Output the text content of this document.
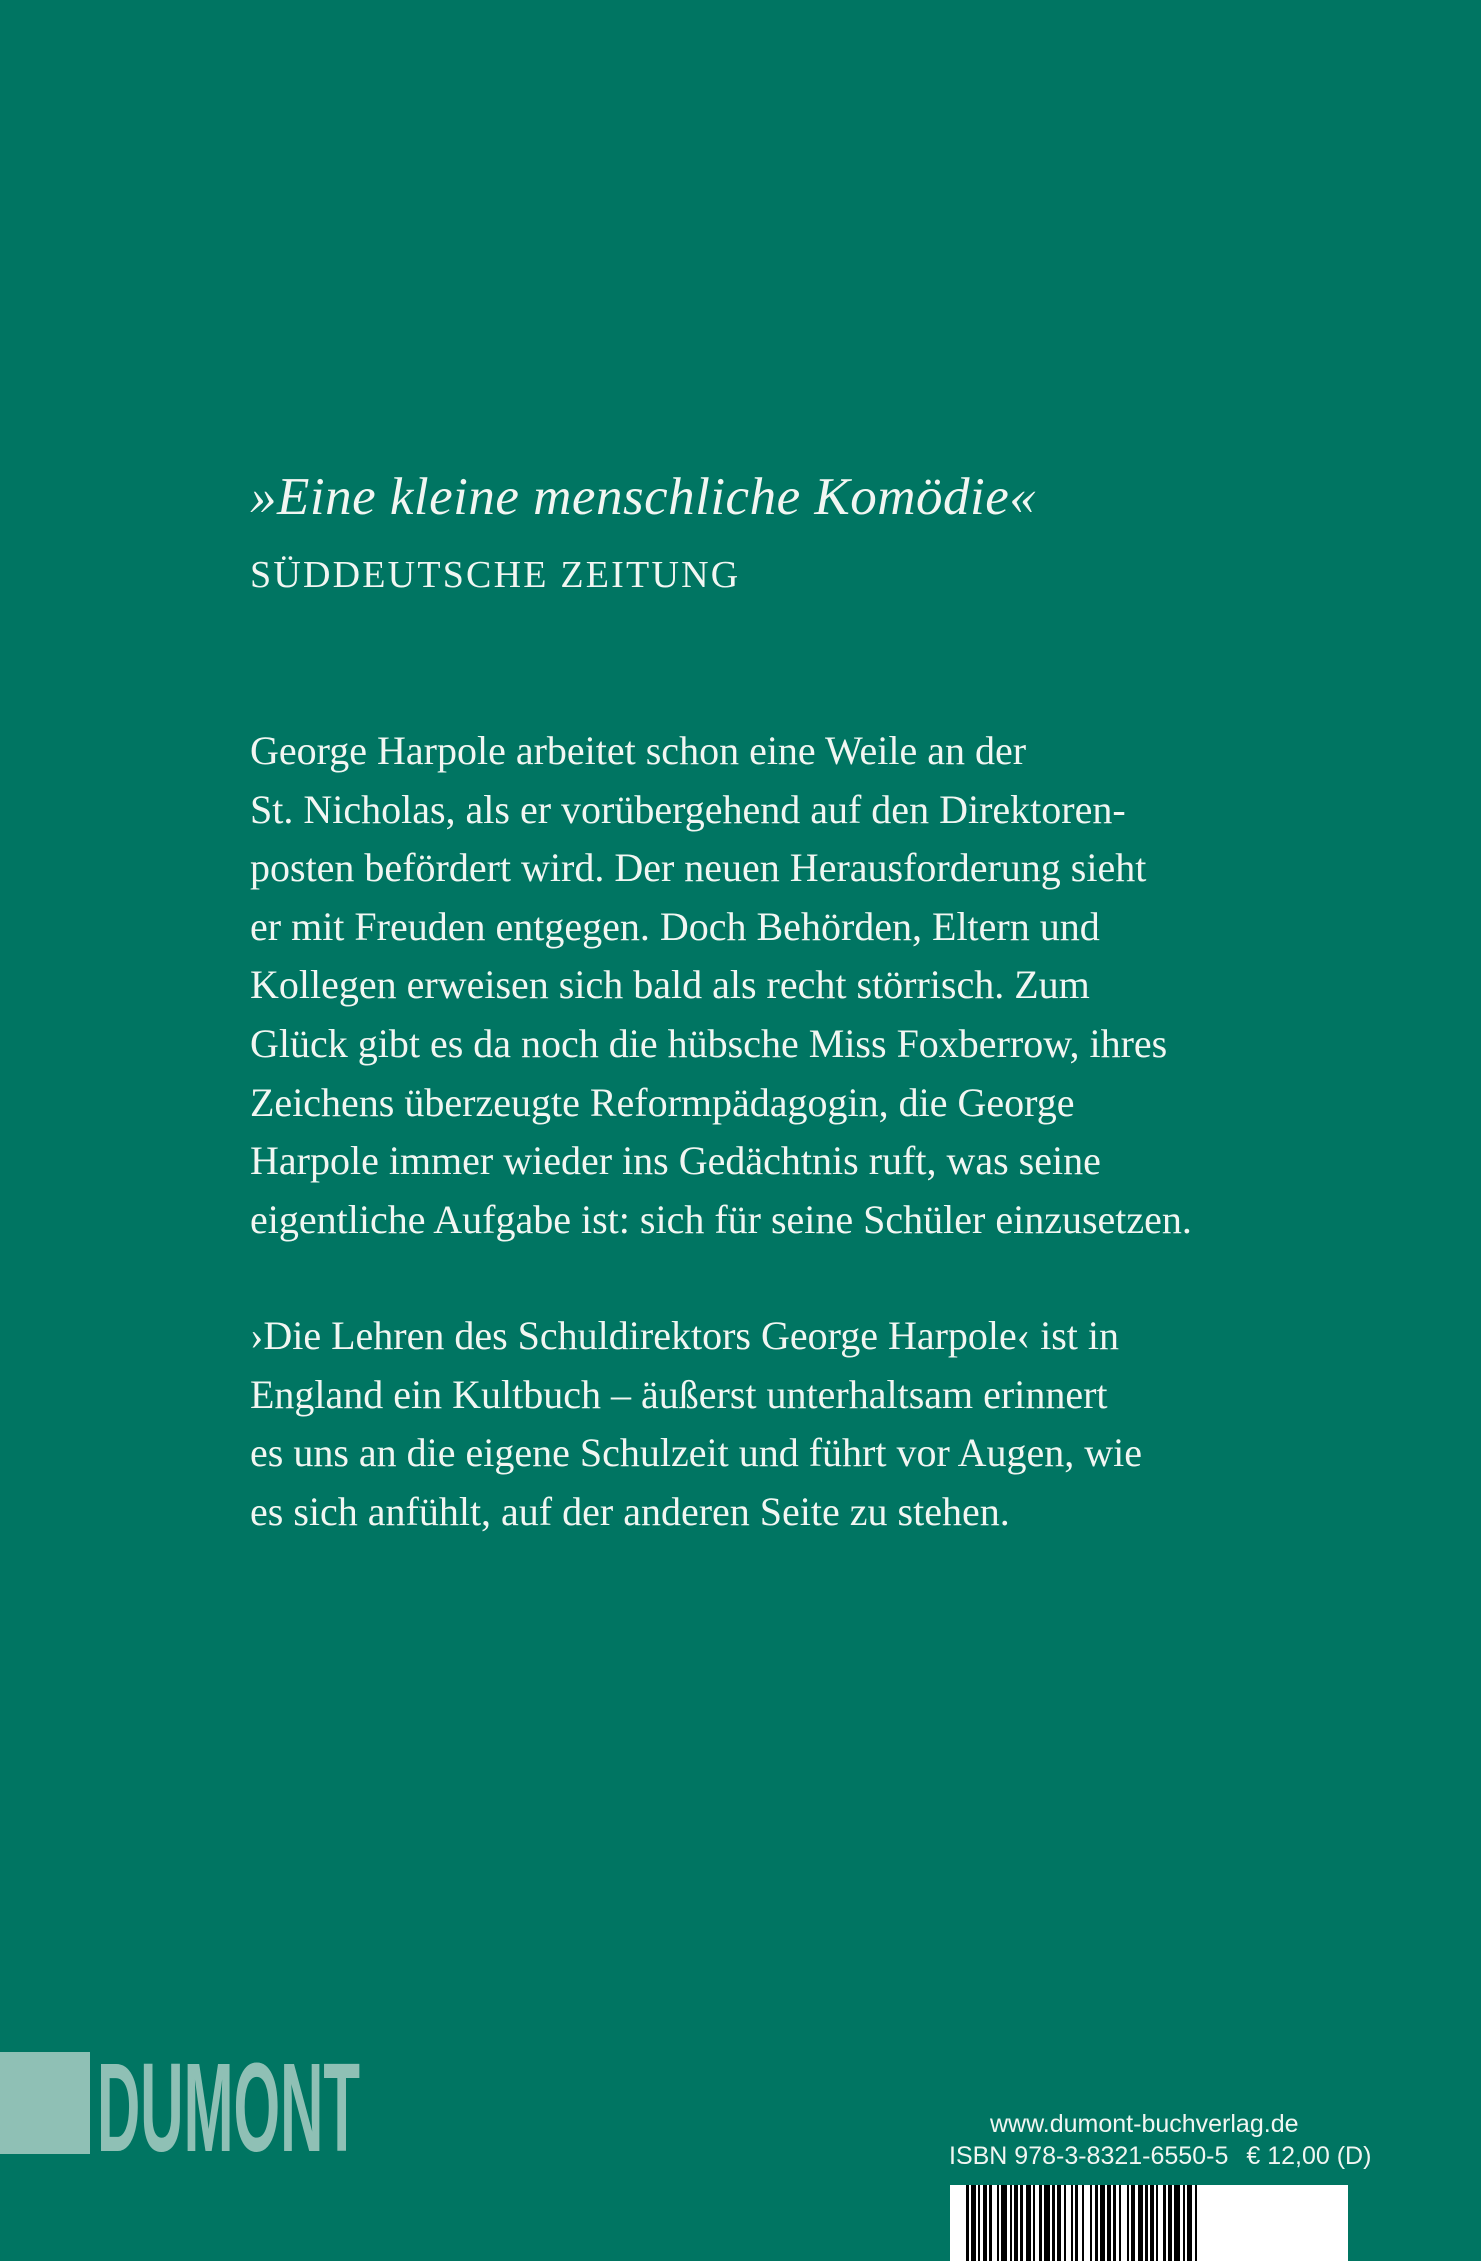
»Eine kleine menschliche Komödie«

SÜDDEUTSCHE ZEITUNG

George Harpole arbeitet schon eine Weile an der
St. Nicholas, als er vorübergehend auf den Direktoren-
posten befördert wird. Der neuen Herausforderung sieht
er mit Freuden entgegen. Doch Behörden, Eltern und
Kollegen erweisen sich bald als recht störrisch. Zum
Glück gibt es da noch die hübsche Miss Foxberrow, ihres
Zeichens überzeugte Reformpädagogin, die George
Harpole immer wieder ins Gedächtnis ruft, was seine
eigentliche Aufgabe ist: sich für seine Schüler einzusetzen.
›Die Lehren des Schuldirektors George Harpole‹ ist in
England ein Kultbuch – äußerst unterhaltsam erinnert
es uns an die eigene Schulzeit und führt vor Augen, wie
es sich anfühlt, auf der anderen Seite zu stehen.
DUMONT	www.dumont-buchverlag.de
ISBN 978-3-8321-6550-5 € 12,00 (D)
